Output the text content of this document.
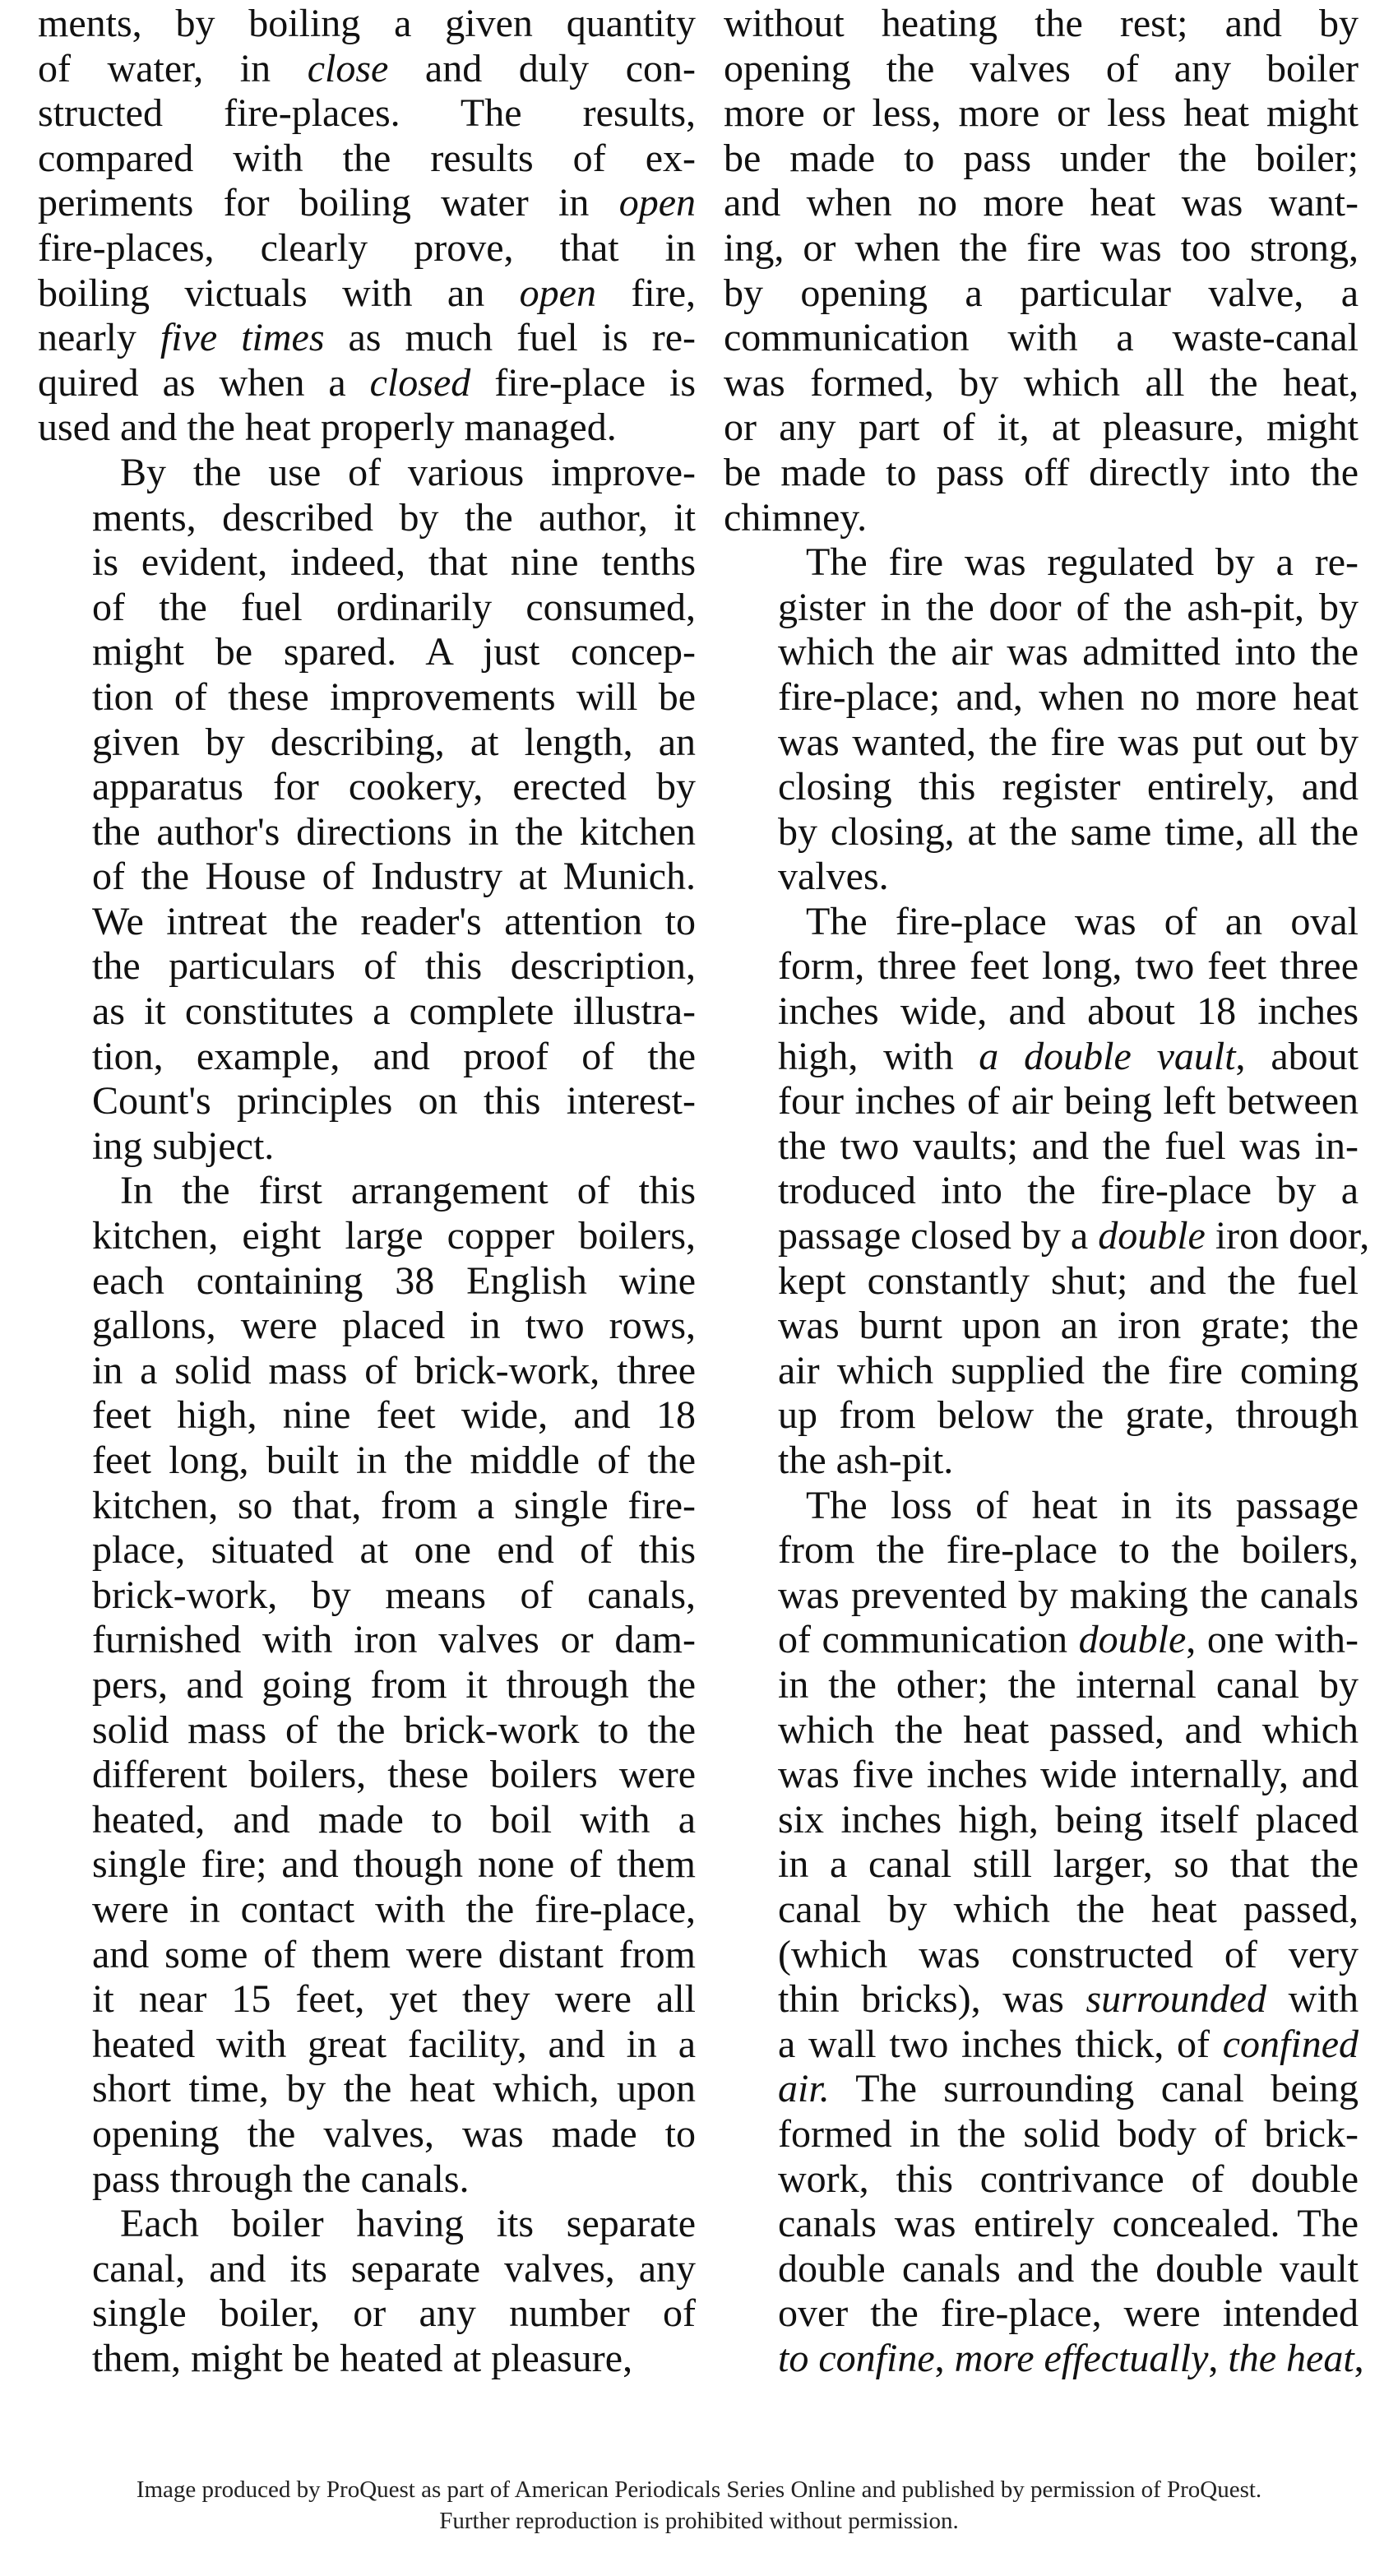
ments, by boiling a given quantity
of water, in close and duly con-
structed fire-places. The results,
compared with the results of ex-
periments for boiling water in open
fire-places, clearly prove, that in
boiling victuals with an open fire,
nearly five times as much fuel is re-
quired as when a closed fire-place is
used and the heat properly managed.

By the use of various improve-
ments, described by the author, it
is evident, indeed, that nine tenths
of the fuel ordinarily consumed,
might be spared. A just concep-
tion of these improvements will be
given by describing, at length, an
apparatus for cookery, erected by
the author's directions in the kitchen
of the House of Industry at Munich.
We intreat the reader's attention to
the particulars of this description,
as it constitutes a complete illustra-
tion, example, and proof of the
Count's principles on this interest-
ing subject.

In the first arrangement of this
kitchen, eight large copper boilers,
each containing 38 English wine
gallons, were placed in two rows,
in a solid mass of brick-work, three
feet high, nine feet wide, and 18
feet long, built in the middle of the
kitchen, so that, from a single fire-
place, situated at one end of this
brick-work, by means of canals,
furnished with iron valves or dam-
pers, and going from it through the
solid mass of the brick-work to the
different boilers, these boilers were
heated, and made to boil with a
single fire; and though none of them
were in contact with the fire-place,
and some of them were distant from
it near 15 feet, yet they were all
heated with great facility, and in a
short time, by the heat which, upon
opening the valves, was made to
pass through the canals.

Each boiler having its separate
canal, and its separate valves, any
single boiler, or any number of
them, might be heated at pleasure,

without heating the rest; and by
opening the valves of any boiler
more or less, more or less heat might
be made to pass under the boiler;
and when no more heat was want-
ing, or when the fire was too strong,
by opening a particular valve, a
communication with a waste-canal
was formed, by which all the heat,
or any part of it, at pleasure, might
be made to pass off directly into the
chimney.

The fire was regulated by a re-
gister in the door of the ash-pit, by
which the air was admitted into the
fire-place; and, when no more heat
was wanted, the fire was put out by
closing this register entirely, and
by closing, at the same time, all the
valves.

The fire-place was of an oval
form, three feet long, two feet three
inches wide, and about 18 inches
high, with a double vault, about
four inches of air being left between
the two vaults; and the fuel was in-
troduced into the fire-place by a
passage closed by a double iron door,
kept constantly shut; and the fuel
was burnt upon an iron grate; the
air which supplied the fire coming
up from below the grate, through
the ash-pit.

The loss of heat in its passage
from the fire-place to the boilers,
was prevented by making the canals
of communication double, one with-
in the other; the internal canal by
which the heat passed, and which
was five inches wide internally, and
six inches high, being itself placed
in a canal still larger, so that the
canal by which the heat passed,
(which was constructed of very
thin bricks), was surrounded with
a wall two inches thick, of confined
air. The surrounding canal being
formed in the solid body of brick-
work, this contrivance of double
canals was entirely concealed. The
double canals and the double vault
over the fire-place, were intended
to confine, more effectually, the heat,

Image produced by ProQuest as part of American Periodicals Series Online and published by permission of ProQuest.
Further reproduction is prohibited without permission.
